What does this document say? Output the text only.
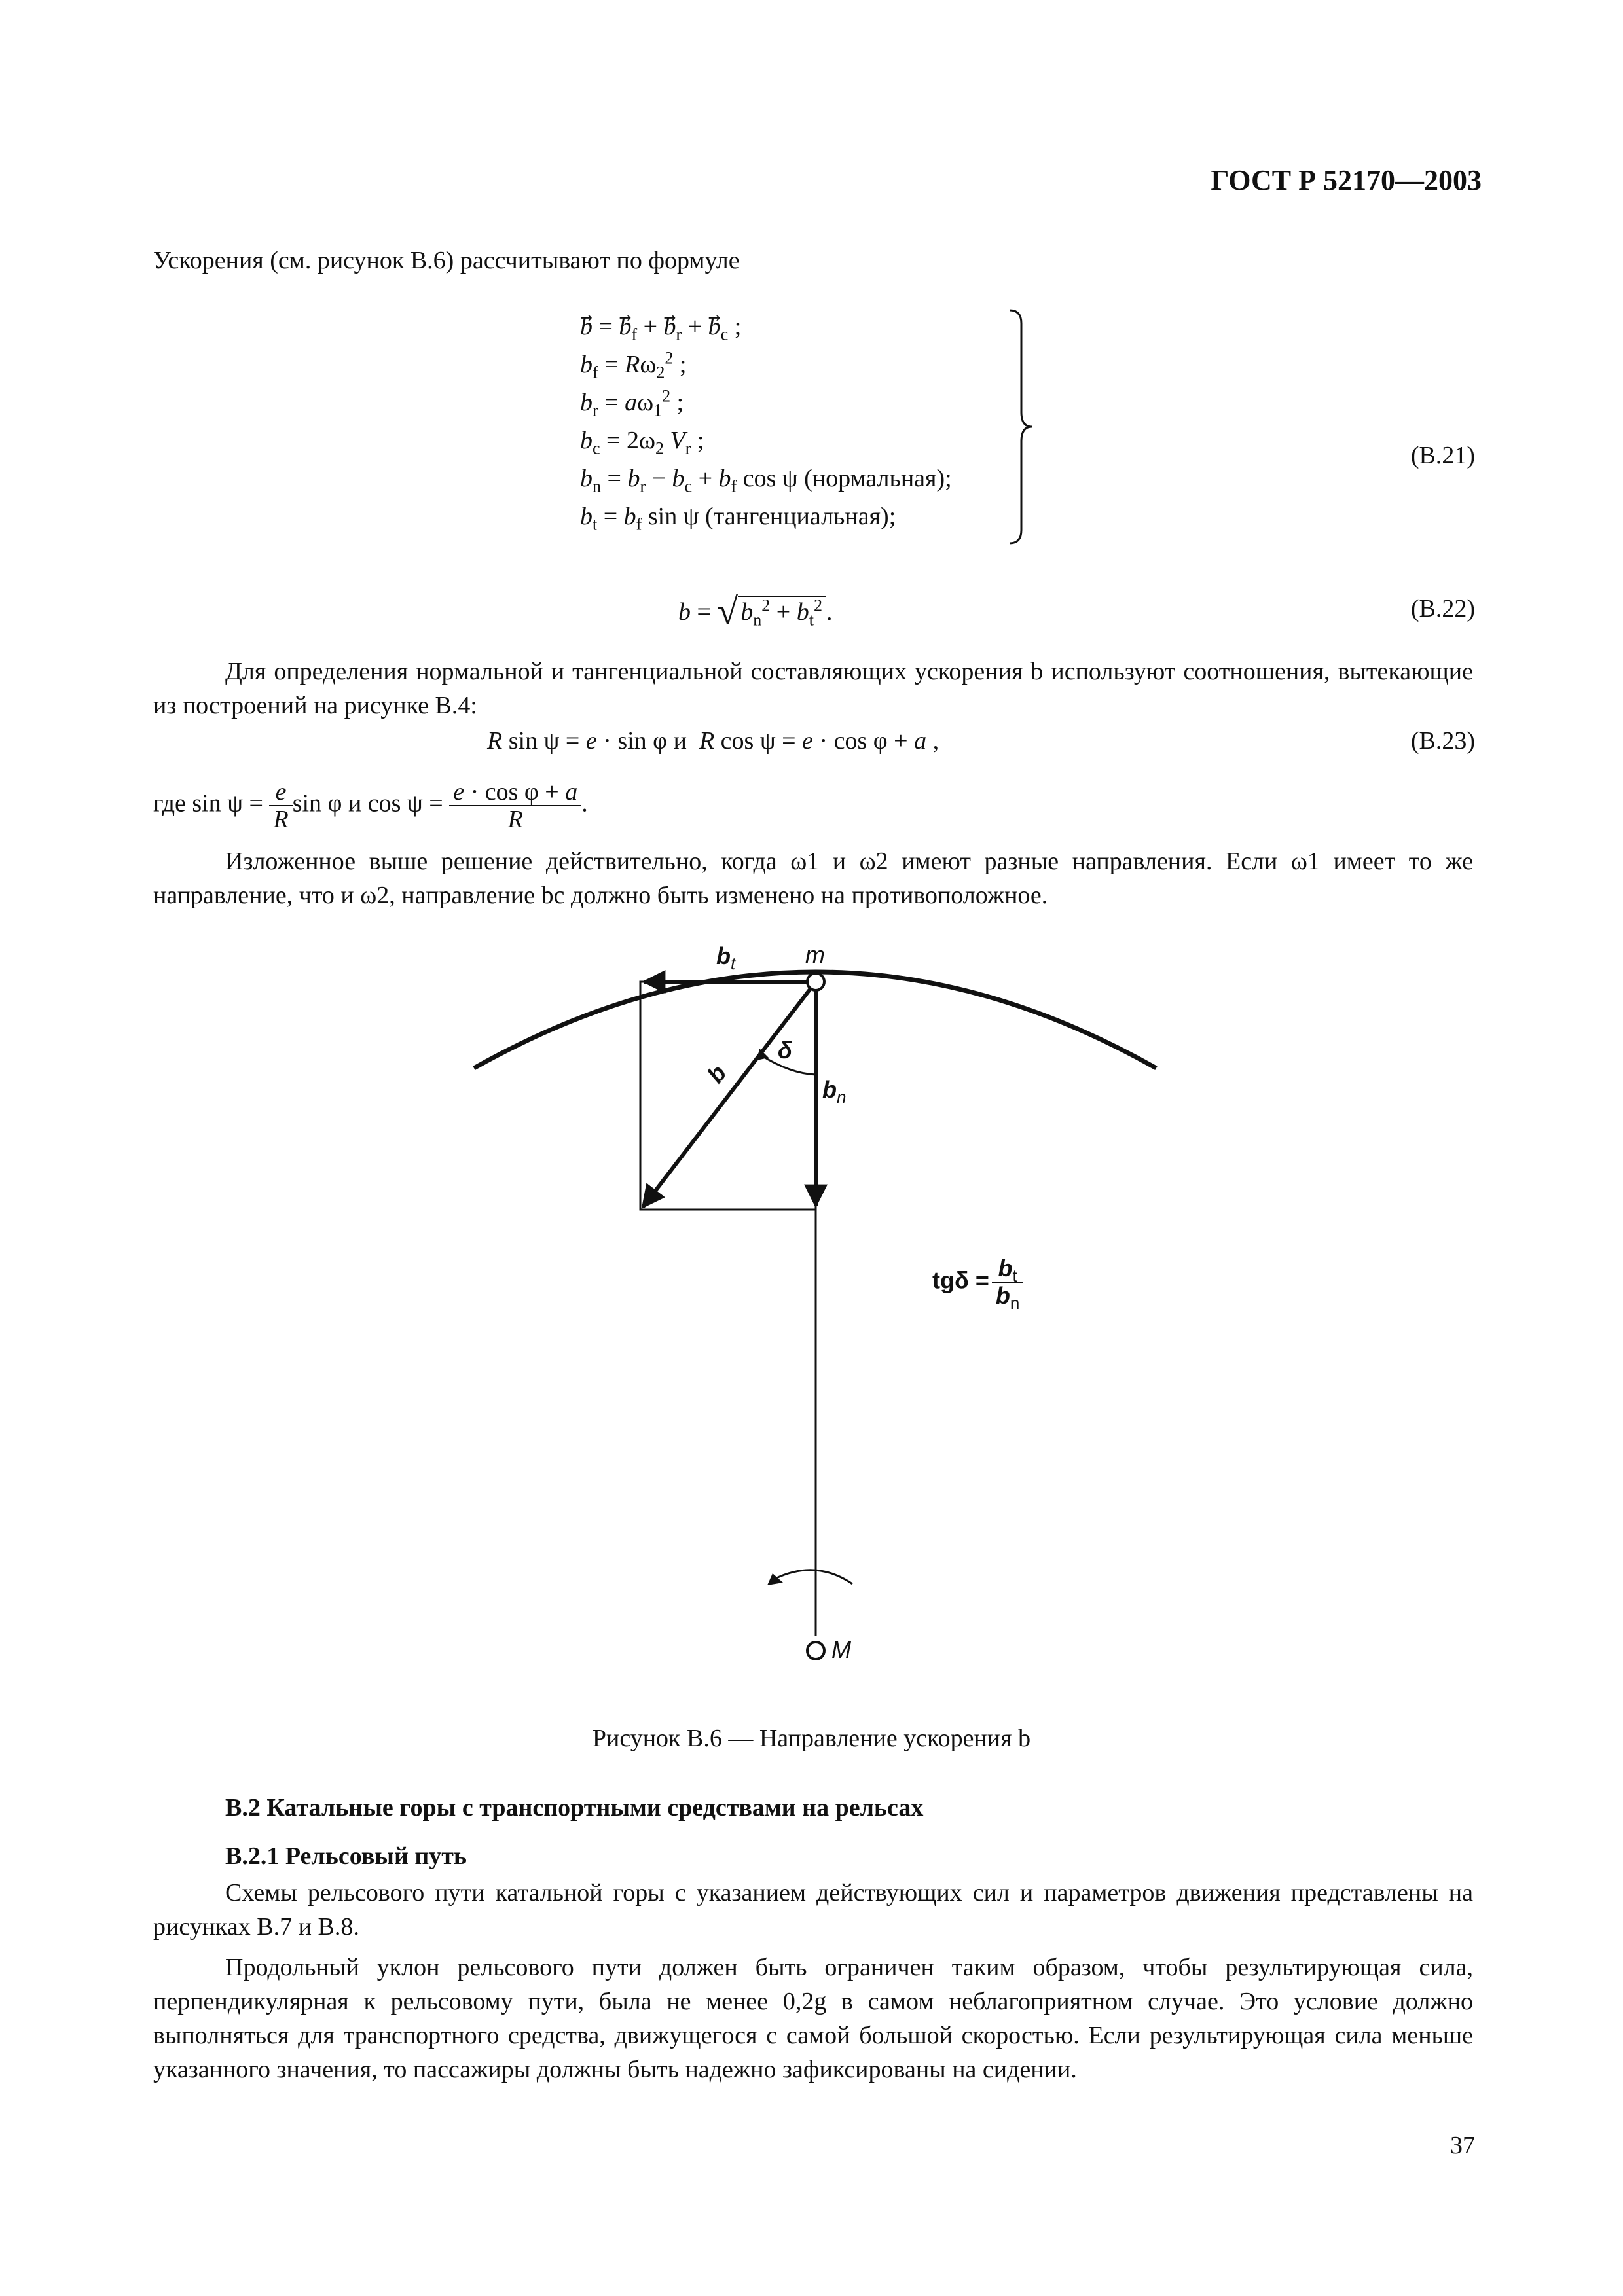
ГОСТ Р 52170—2003
Ускорения (см. рисунок В.6) рассчитывают по формуле
b⃗ = $b_f + b_r + b_c$ ;
$b_f = R\omega_2^2$ ;
$b_r = a\omega_1^2$ ;
$b_c = 2\omega_2$ $V_r$ ;
$b_n = b_r - b_c + b_f$ cos ψ (нормальная);
$b_t = b_f$ sin ψ (тангенциальная);
(В.21)
b = √ $b_n^2 + b_t^2$ .	(В.22)
Для определения нормальной и тангенциальной составляющих ускорения b используют соотношения, вытекающие из построений на рисунке В.4:
R sin ψ = e · sin φ и  R cos ψ = e · cos φ + a ,	(В.23)
где $\sin \psi = \frac{e}{R}$ sin φ и $\cos \psi = \frac{\text{e · cos φ + a}}{R}$ .
Изложенное выше решение действительно, когда ω1 и ω2 имеют разные направления. Если ω1 имеет то же направление, что и ω2, направление bc должно быть изменено на противоположное.
$b_t$	m
b
δ
$b_n$
M
$tg\delta = \frac{b_t}{b_n}$
Рисунок В.6 — Направление ускорения b
В.2 Катальные горы с транспортными средствами на рельсах
В.2.1 Рельсовый путь
Схемы рельсового пути катальной горы с указанием действующих сил и параметров движения представлены на рисунках В.7 и В.8.
Продольный уклон рельсового пути должен быть ограничен таким образом, чтобы результирующая сила, перпендикулярная к рельсовому пути, была не менее 0,2g в самом неблагоприятном случае. Это условие должно выполняться для транспортного средства, движущегося с самой большой скоростью. Если результирующая сила меньше указанного значения, то пассажиры должны быть надежно зафиксированы на сидении.
37
